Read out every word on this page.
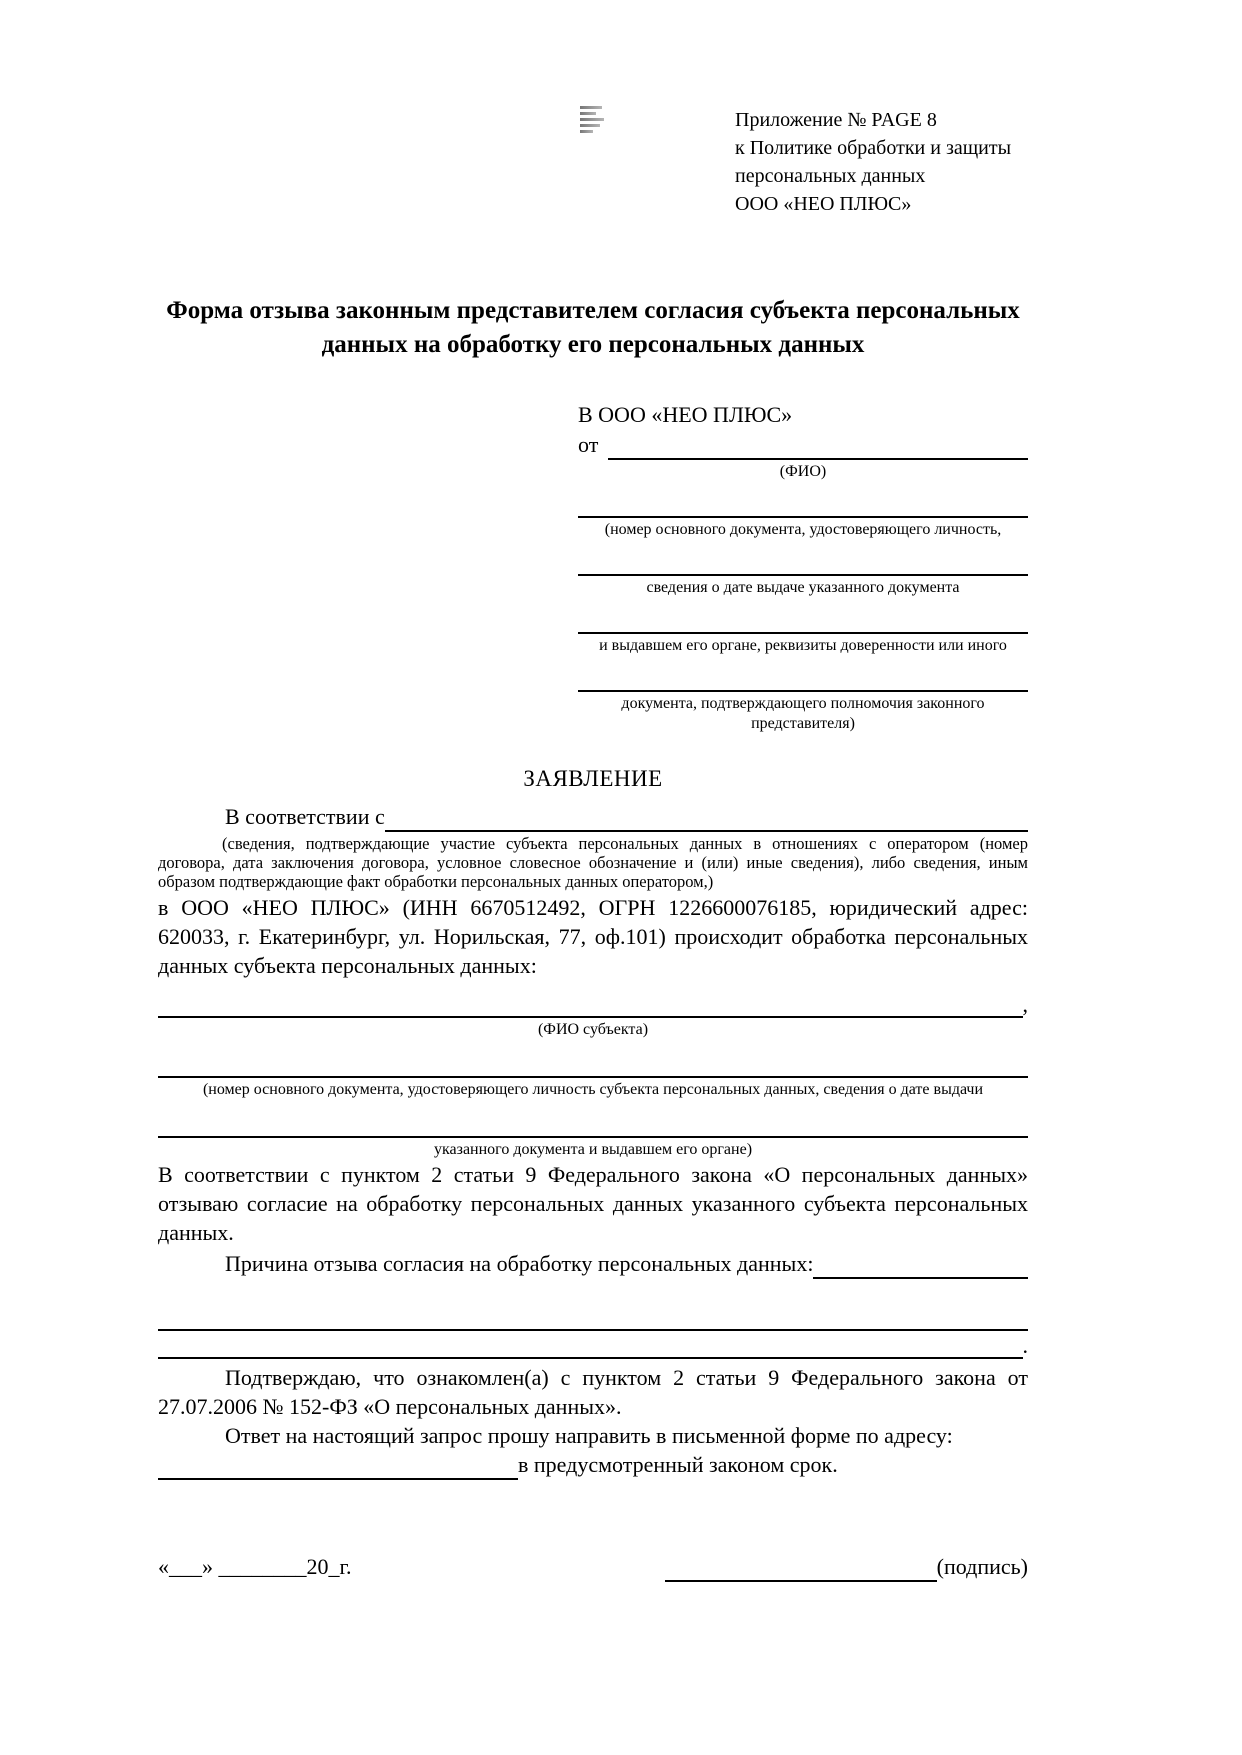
Приложение № PAGE 8
к Политике обработки и защиты
персональных данных
ООО «НЕО ПЛЮС»
Форма отзыва законным представителем согласия субъекта персональных данных на обработку его персональных данных
В ООО «НЕО ПЛЮС»
от
(ФИО)
(номер основного документа, удостоверяющего личность,
сведения о дате выдаче указанного документа
и выдавшем его органе, реквизиты доверенности или иного
документа, подтверждающего полномочия законного представителя)
ЗАЯВЛЕНИЕ
В соответствии с
(сведения, подтверждающие участие субъекта персональных данных в отношениях с оператором (номер договора, дата заключения договора, условное словесное обозначение и (или) иные сведения), либо сведения, иным образом подтверждающие факт обработки персональных данных оператором,)
в ООО «НЕО ПЛЮС» (ИНН 6670512492, ОГРН 1226600076185, юридический адрес: 620033, г. Екатеринбург, ул. Норильская, 77, оф.101) происходит обработка персональных данных субъекта персональных данных:
,
(ФИО субъекта)
(номер основного документа, удостоверяющего личность субъекта персональных данных, сведения о дате выдачи
указанного документа и выдавшем его органе)
В соответствии с пунктом 2 статьи 9 Федерального закона «О персональных данных» отзываю согласие на обработку персональных данных указанного субъекта персональных данных.
Причина отзыва согласия на обработку персональных данных:
.
Подтверждаю, что ознакомлен(а) с пунктом 2 статьи 9 Федерального закона от 27.07.2006 № 152-ФЗ «О персональных данных».
Ответ на настоящий запрос прошу направить в письменной форме по адресу:
в предусмотренный законом срок.
«___» ________20_г.	(подпись)
